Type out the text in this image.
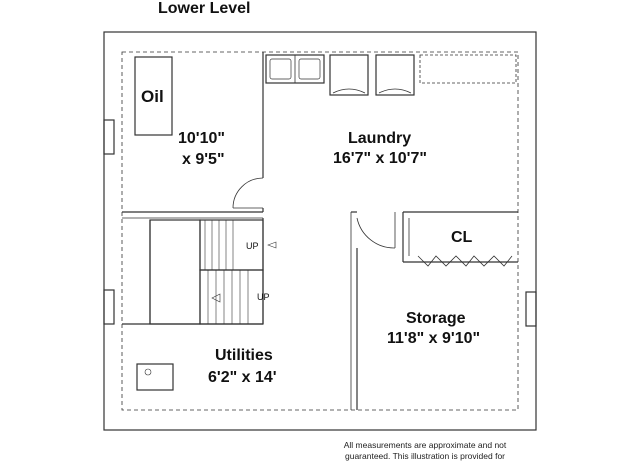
Lower Level
Oil
10'10"
x 9'5"
Laundry
16'7" x 10'7"
CL
Storage
11'8" x 9'10"
Utilities
6'2" x 14'
UP
UP
All measurements are approximate and not
guaranteed. This illustration is provided for
